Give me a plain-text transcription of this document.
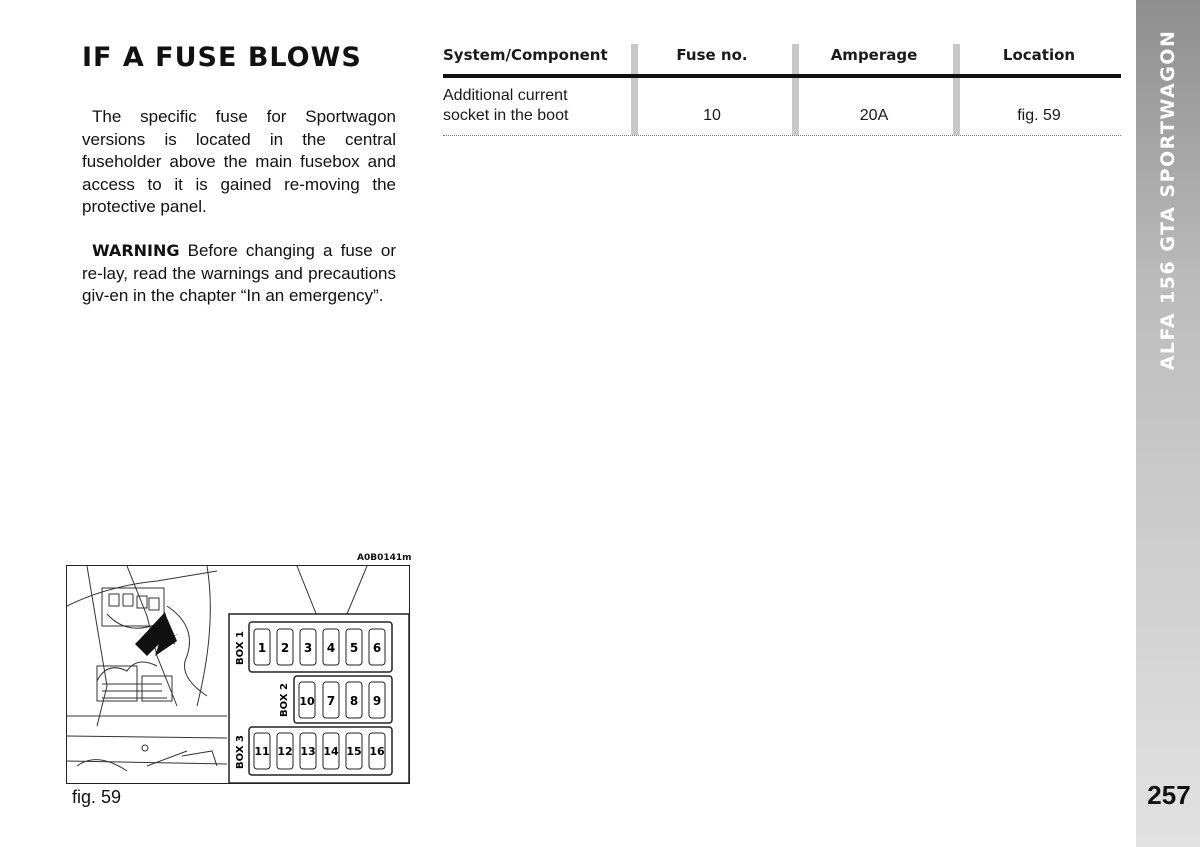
ALFA 156 GTA SPORTWAGON
257
IF A FUSE BLOWS
The specific fuse for Sportwagon versions is located in the central fuseholder above the main fusebox and access to it is gained re-moving the protective panel.
WARNING Before changing a fuse or re-lay, read the warnings and precautions giv-en in the chapter “In an emergency”.
System/Component	Fuse no.	Amperage	Location
Additional current
socket in the boot	10	20A	fig. 59
A0B0141m
BOX 1 1 2 3 4 5 6
BOX 2 10 7 8 9
BOX 3 11 12 13 14 15 16
fig. 59
